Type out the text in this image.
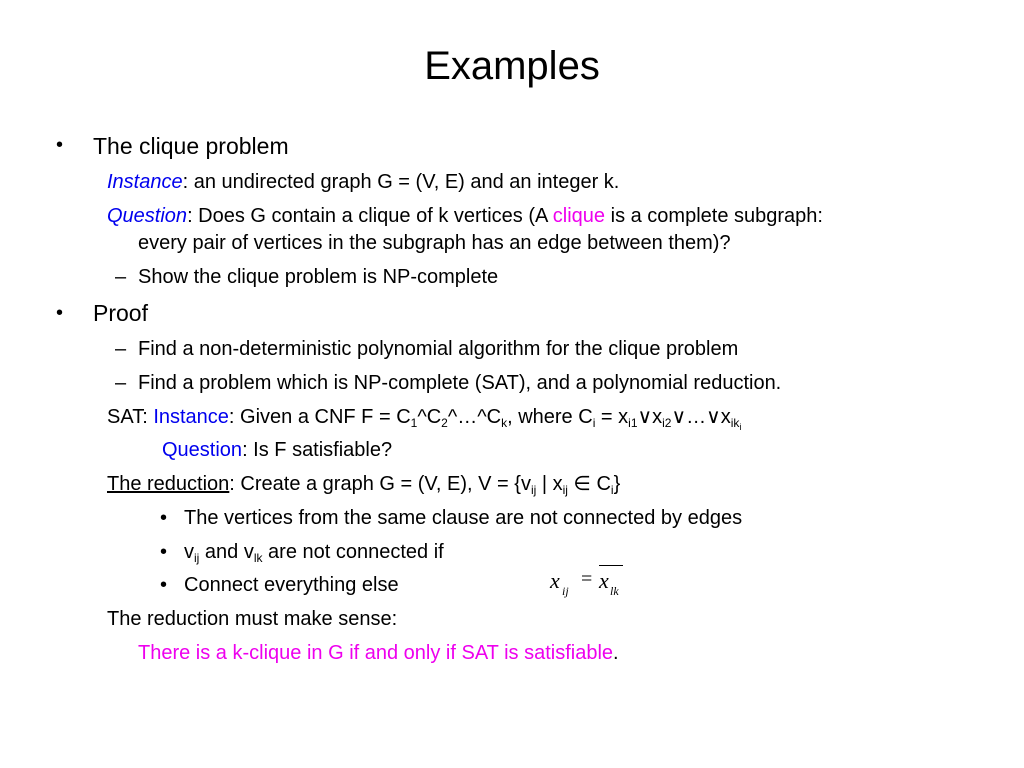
Examples
• The clique problem
Instance: an undirected graph G = (V, E) and an integer k.
Question: Does G contain a clique of k vertices (A clique is a complete subgraph:
every pair of vertices in the subgraph has an edge between them)?
– Show the clique problem is NP-complete
• Proof
– Find a non-deterministic polynomial algorithm for the clique problem
– Find a problem which is NP-complete (SAT), and a polynomial reduction.
SAT: Instance: Given a CNF $F = C_1\^{}C_2\^{}\dots\^{}C_k$, where $C_i$ = $x_{i1}\vee x_{i2}\vee\dots\vee x_{ik_i}$
Question: Is F satisfiable?
The reduction: Create a graph G = (V, E), $V = \{v_{ij}$ | $x_{ij}$ ∈ $C_i$}
• The vertices from the same clause are not connected by edges
• $v_{ij}$ and $v_{lk}$ are not connected if
• Connect everything else	x ij
= x lk
The reduction must make sense:
There is a k-clique in G if and only if SAT is satisfiable.
